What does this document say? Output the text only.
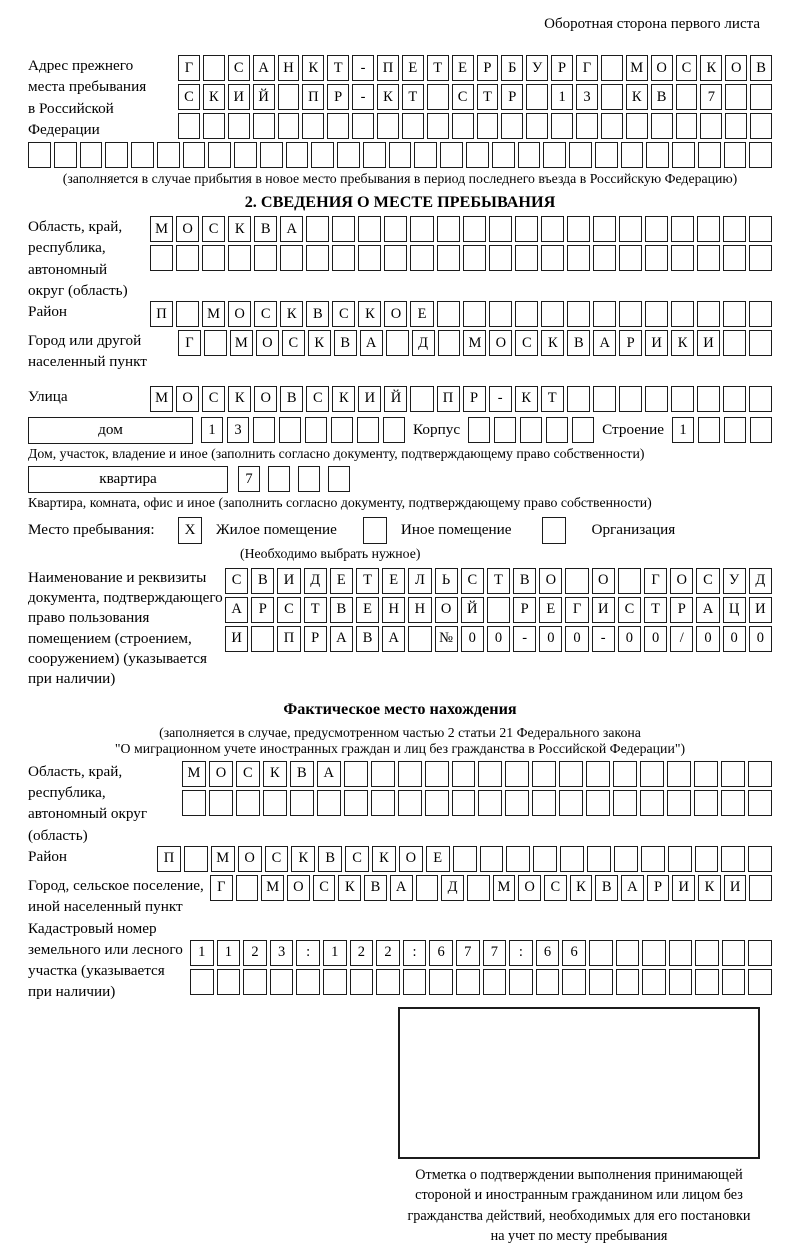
Оборотная сторона первого листа
Адрес прежнего
места пребывания
в Российской
Федерации
Г	С	А Н	К	Т	-	П	Е	Т	Е	Р	Б	У	Р	Г	М О	С	К	О	В
С	К	И Й	П	Р	-	К	Т	С	Т	Р	1	3	К	В	7
(заполняется в случае прибытия в новое место пребывания в период последнего въезда в Российскую Федерацию)
2. СВЕДЕНИЯ О МЕСТЕ ПРЕБЫВАНИЯ
Область, край,
республика,
автономный
округ (область)
М О	С	К	В	А
Район	П	М О	С	К	В	С	К	О	Е
Город или другой
населенный пункт
Г	М О	С	К	В	А	Д	М О	С	К	В	А	Р	И	К	И
Улица	М О	С	К	О	В	С	К	И	Й	П	Р	-	К	Т
дом	1	3	Корпус	Строение	1
Дом, участок, владение и иное (заполнить согласно документу, подтверждающему право собственности)
квартира	7
Квартира, комната, офис и иное (заполнить согласно документу, подтверждающему право собственности)
Место пребывания:	X	Жилое помещение	Иное помещение	Организация
(Необходимо выбрать нужное)
Наименование и реквизиты
документа, подтверждающего
право пользования
помещением (строением,
сооружением) (указывается
при наличии)
С	В	И	Д	Е	Т	Е	Л	Ь	С	Т	В	О	О	Г	О	С	У	Д
А	Р	С	Т	В	Е	Н	Н	О	Й	Р	Е	Г	И	С	Т	Р	А	Ц	И
И	П	Р	А	В	А	№	0	0	-	0	0	-	0	0	/	0	0	0
Фактическое место нахождения
(заполняется в случае, предусмотренном частью 2 статьи 21 Федерального закона
"О миграционном учете иностранных граждан и лиц без гражданства в Российской Федерации")
Область, край,
республика,
автономный округ
(область)
М	О	С	К	В	А
Район	П	М	О	С	К	В	С	К	О	Е
Город, сельское поселение,
иной населенный пункт
Г	М О	С	К	В	А	Д	М О	С	К	В	А	Р	И	К	И
Кадастровый номер
земельного или лесного
участка (указывается
при наличии)
1	1	2	3	:	1	2	2	:	6	7	7	:	6	6
Отметка о подтверждении выполнения принимающей
стороной и иностранным гражданином или лицом без
гражданства действий, необходимых для его постановки
на учет по месту пребывания
